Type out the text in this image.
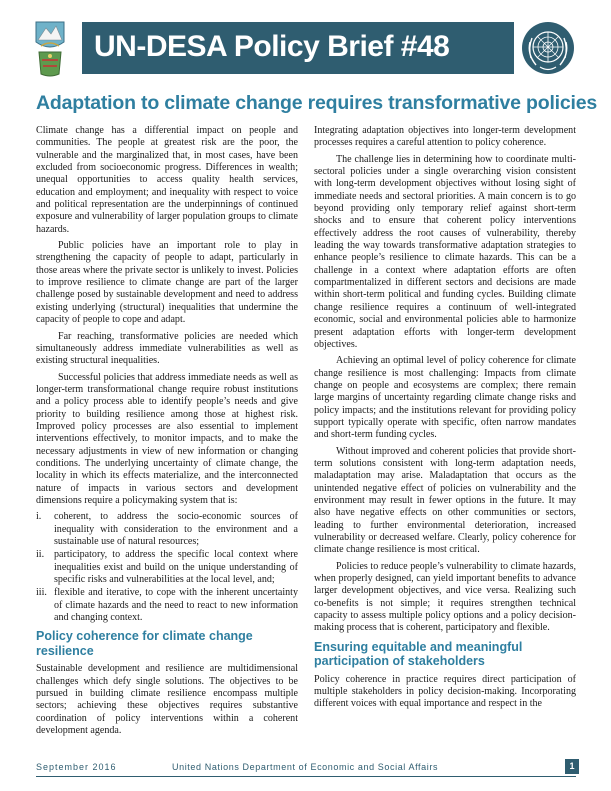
UN-DESA Policy Brief #48
Adaptation to climate change requires transformative policies

Climate change has a differential impact on people and communities. The people at greatest risk are the poor, the vulnerable and the marginalized that, in most cases, have been excluded from socioeconomic progress. Differences in wealth; unequal opportunities to access quality health services, education and employment; and inequality with respect to voice and political representation are the underpinnings of continued exposure and vulnerability of larger population groups to climate hazards.

Public policies have an important role to play in strengthening the capacity of people to adapt, particularly in those areas where the private sector is unlikely to invest. Policies to improve resilience to climate change are part of the larger challenge posed by sustainable development and need to address existing underlying (structural) inequalities that undermine the capacity of people to cope and adapt.

Far reaching, transformative policies are needed which simultaneously address immediate vulnerabilities as well as existing structural inequalities.

Successful policies that address immediate needs as well as longer-term transformational change require robust institutions and a policy process able to identify people’s needs and give priority to building resilience among those at highest risk. Improved policy processes are also essential to implement interventions effectively, to monitor impacts, and to make the necessary adjustments in view of new information or changing conditions. The underlying uncertainty of climate change, the locality in which its effects materialize, and the interconnected nature of impacts in various sectors and development dimensions require a policymaking system that is:

i.	coherent, to address the socio-economic sources of inequality with consideration to the environment and a sustainable use of natural resources;
ii. participatory, to address the specific local context where inequalities exist and build on the unique understanding of specific risks and vulnerabilities at the local level, and;
iii. flexible and iterative, to cope with the inherent uncertainty of climate hazards and the need to react to new information and changing context.
Policy coherence for climate change resilience

Sustainable development and resilience are multidimensional challenges which defy single solutions. The objectives to be pursued in building climate resilience encompass multiple sectors; achieving these objectives requires substantive coordination of policy interventions within a coherent development agenda.

Integrating adaptation objectives into longer-term development processes requires a careful attention to policy coherence.

The challenge lies in determining how to coordinate multi-sectoral policies under a single overarching vision consistent with long-term development objectives without losing sight of immediate needs and sectoral priorities. A main concern is to go beyond providing only temporary relief against short-term shocks and to ensure that coherent policy interventions effectively address the root causes of vulnerability, thereby leading the way towards transformative adaptation strategies to enhance people’s resilience to climate hazards. This can be a challenge in a context where adaptation efforts are often compartmentalized in different sectors and decisions are made within short-term political and funding cycles. Building climate change resilience requires a continuum of well-integrated economic, social and environmental policies able to harmonize present adaptation efforts with longer-term development objectives.

Achieving an optimal level of policy coherence for climate change resilience is most challenging: Impacts from climate change on people and ecosystems are complex; there remain large margins of uncertainty regarding climate change risks and policy impacts; and the institutions relevant for providing policy support typically operate with specific, often narrow mandates and short-term funding cycles.

Without improved and coherent policies that provide short-term solutions consistent with long-term adaptation needs, maladaptation may arise. Maladaptation that occurs as the unintended negative effect of policies on vulnerability and the environment may result in fewer options in the future. It may also have negative effects on other communities or sectors, leading to further environmental deterioration, increased vulnerability or decreased welfare. Clearly, policy coherence for climate change resilience is most critical.

Policies to reduce people’s vulnerability to climate hazards, when properly designed, can yield important benefits to advance larger development objectives, and vice versa. Realizing such co-benefits is not simple; it requires strengthen technical capacity to assess multiple policy options and a policy decision-making process that is coherent, participatory and flexible.

Ensuring equitable and meaningful participation of stakeholders

Policy coherence in practice requires direct participation of multiple stakeholders in policy decision-making. Incorporating different voices with equal importance and respect in the

September 2016	United Nations Department of Economic and Social Affairs	1
